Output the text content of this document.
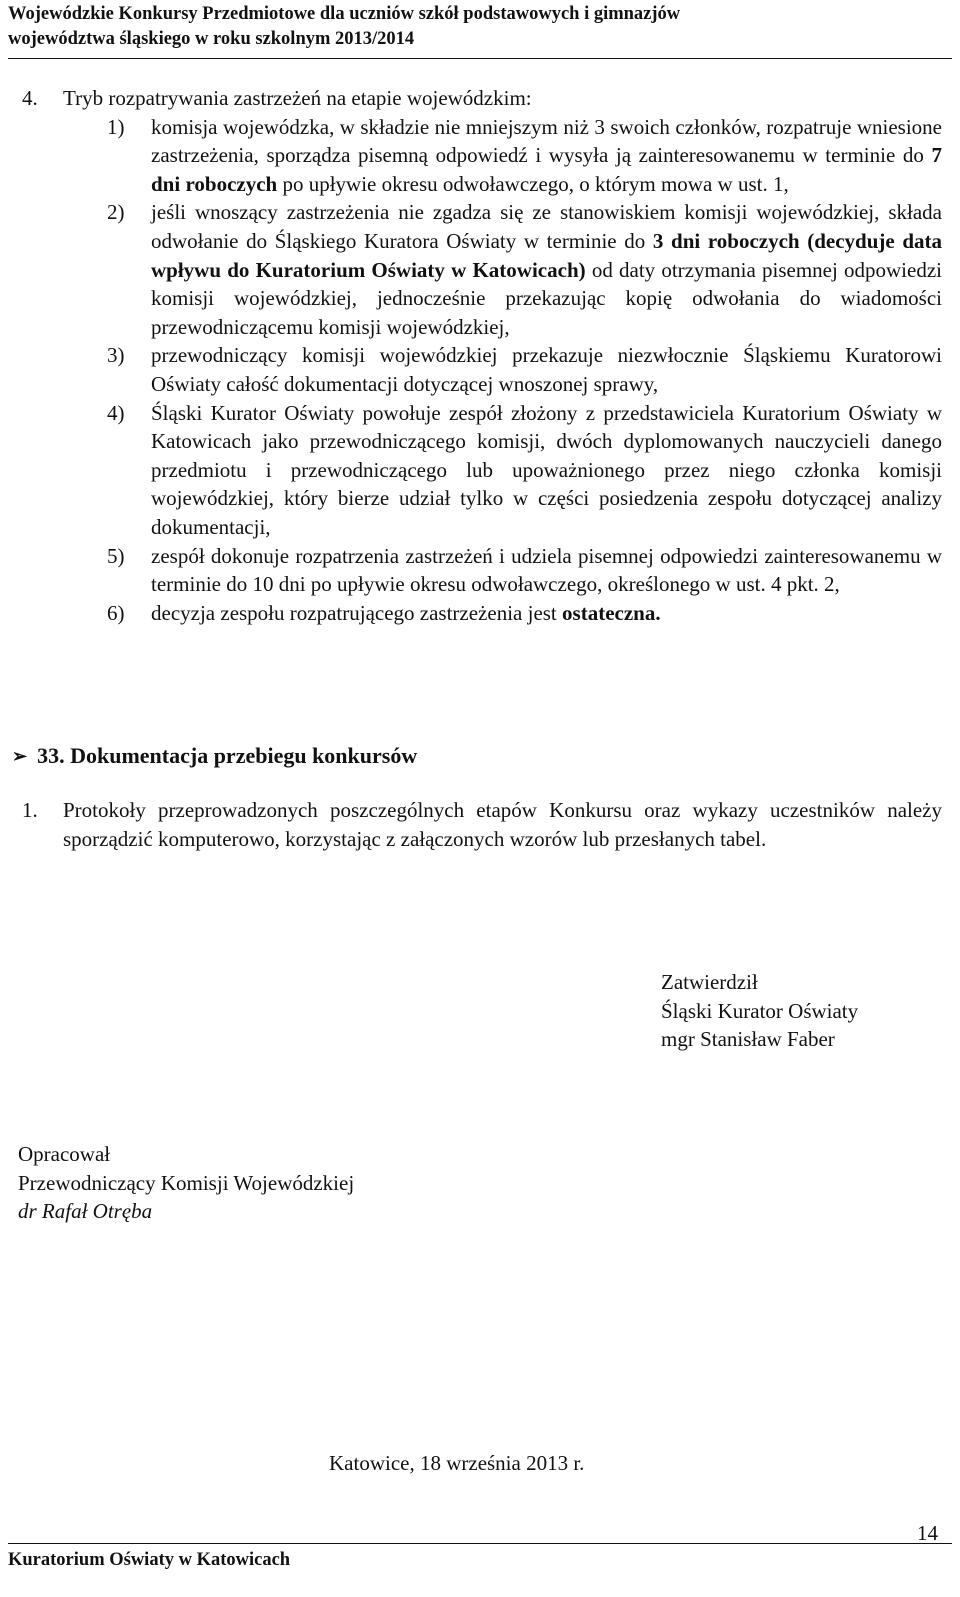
Wojewódzkie Konkursy Przedmiotowe dla uczniów szkół podstawowych i gimnazjów
województwa śląskiego w roku szkolnym 2013/2014
4.	Tryb rozpatrywania zastrzeżeń na etapie wojewódzkim:
1)	komisja wojewódzka, w składzie nie mniejszym niż 3 swoich członków, rozpatruje wniesione zastrzeżenia, sporządza pisemną odpowiedź i wysyła ją zainteresowanemu w terminie do 7 dni roboczych po upływie okresu odwoławczego, o którym mowa w ust. 1,
2)	jeśli wnoszący zastrzeżenia nie zgadza się ze stanowiskiem komisji wojewódzkiej, składa odwołanie do Śląskiego Kuratora Oświaty w terminie do 3 dni roboczych (decyduje data wpływu do Kuratorium Oświaty w Katowicach) od daty otrzymania pisemnej odpowiedzi komisji wojewódzkiej, jednocześnie przekazując kopię odwołania do wiadomości przewodniczącemu komisji wojewódzkiej,
3)	przewodniczący komisji wojewódzkiej przekazuje niezwłocznie Śląskiemu Kuratorowi Oświaty całość dokumentacji dotyczącej wnoszonej sprawy,
4)	Śląski Kurator Oświaty powołuje zespół złożony z przedstawiciela Kuratorium Oświaty w Katowicach jako przewodniczącego komisji, dwóch dyplomowanych nauczycieli danego przedmiotu i przewodniczącego lub upoważnionego przez niego członka komisji wojewódzkiej, który bierze udział tylko w części posiedzenia zespołu dotyczącej analizy dokumentacji,
5)	zespół dokonuje rozpatrzenia zastrzeżeń i udziela pisemnej odpowiedzi zainteresowanemu w terminie do 10 dni po upływie okresu odwoławczego, określonego w ust. 4 pkt. 2,
6)	decyzja zespołu rozpatrującego zastrzeżenia jest ostateczna.
➢ 33. Dokumentacja przebiegu konkursów
1.	Protokoły przeprowadzonych poszczególnych etapów Konkursu oraz wykazy uczestników należy sporządzić komputerowo, korzystając z załączonych wzorów lub przesłanych tabel.
Zatwierdził
Śląski Kurator Oświaty
mgr Stanisław Faber
Opracował
Przewodniczący Komisji Wojewódzkiej
dr Rafał Otręba
Katowice, 18 września 2013 r.
14
Kuratorium Oświaty w Katowicach
